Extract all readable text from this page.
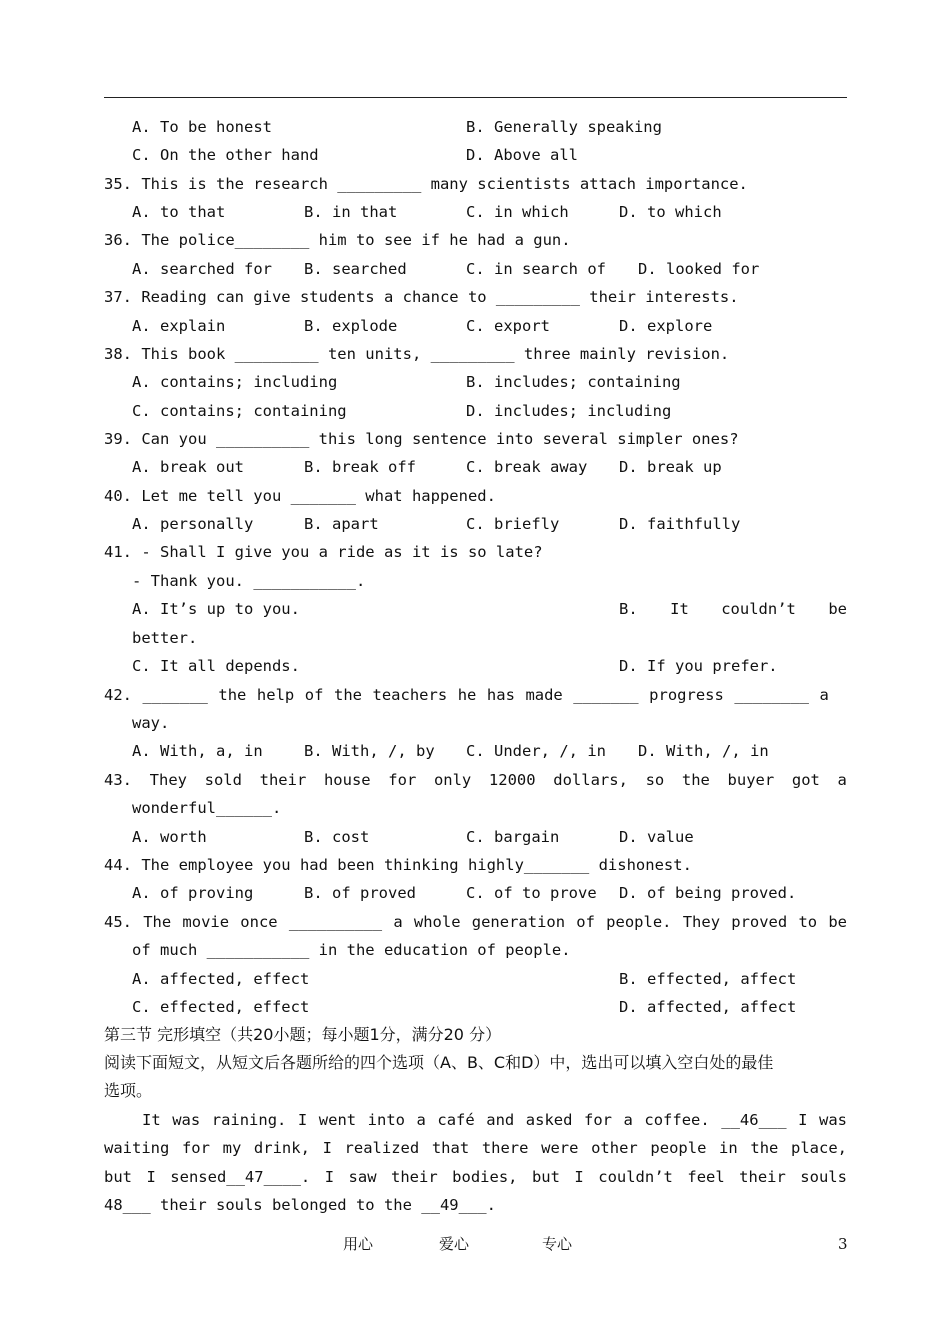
A. To be honest	B. Generally speaking
C. On the other hand	D. Above all
35. This is the research _________ many scientists attach importance.
A. to that	B. in that	C. in which	D. to which
36. The police________ him to see if he had a gun.
A. searched for B. searched	C. in search of D. looked for
37. Reading can give students a chance to _________ their interests.
A. explain	B. explode	C. export	D. explore
38. This book _________ ten units, _________ three mainly revision.
A. contains; including	B. includes; containing
C. contains; containing	D. includes; including
39. Can you __________ this long sentence into several simpler ones?
A. break out	B. break off	C. break away D. break up
40. Let me tell you _______ what happened.
A. personally	B. apart	C. briefly	D. faithfully
41. - Shall I give you a ride as it is so late?
- Thank you. ___________.
A. It’s up to you.	B. It couldn’t be
better.
C. It all depends.	D. If you prefer.
42. _______ the help of the teachers he has made _______ progress ________ a
way.
A. With, a, in	B. With, /, by C. Under, /, in D. With, /, in
43. They sold their house for only 12000 dollars, so the buyer got a
wonderful______.
A. worth	B. cost	C. bargain	D. value
44. The employee you had been thinking highly_______ dishonest.
A. of proving	B. of proved	C. of to prove D. of being proved.
45. The movie once __________ a whole generation of people. They proved to be
of much ___________ in the education of people.
A. affected, effect	B. effected, affect
C. effected, effect	D. affected, affect
第三节 完形填空（共20小题；每小题1分，满分20 分）
阅读下面短文，从短文后各题所给的四个选项（A、B、C和D）中，选出可以填入空白处的最佳
选项。
It was raining. I went into a café and asked for a coffee. __46___ I was
waiting for my drink, I realized that there were other people in the place,
but I sensed__47____. I saw their bodies, but I couldn’t feel their souls
48___ their souls belonged to the __49___.
用心	爱心	专心	3
